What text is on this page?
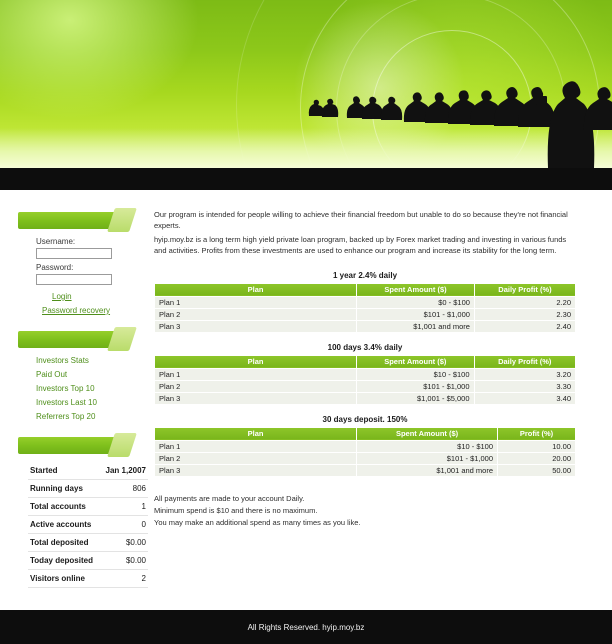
Username:
Password:
Login
Password recovery
Investors Stats
Paid Out
Investors Top 10
Investors Last 10
Referrers Top 20
Started	Jan 1,2007
Running days	806
Total accounts	1
Active accounts	0
Total deposited	$0.00
Today deposited	$0.00
Visitors online	2

Our program is intended for people willing to achieve their financial freedom but unable to do so because they're not financial experts.

hyip.moy.bz is a long term high yield private loan program, backed up by Forex market trading and investing in various funds and activities. Profits from these investments are used to enhance our program and increase its stability for the long term.

1 year 2.4% daily
Plan	Spent Amount ($)	Daily Profit (%)
Plan 1	$0 - $100	2.20
Plan 2	$101 - $1,000	2.30
Plan 3	$1,001 and more	2.40
100 days 3.4% daily
Plan	Spent Amount ($)	Daily Profit (%)
Plan 1	$10 - $100	3.20
Plan 2	$101 - $1,000	3.30
Plan 3	$1,001 - $5,000	3.40
30 days deposit. 150%
Plan	Spent Amount ($)	Profit (%)
Plan 1	$10 - $100	10.00
Plan 2	$101 - $1,000	20.00
Plan 3	$1,001 and more	50.00
All payments are made to your account Daily.
Minimum spend is $10 and there is no maximum.
You may make an additional spend as many times as you like.
All Rights Reserved. hyip.moy.bz
